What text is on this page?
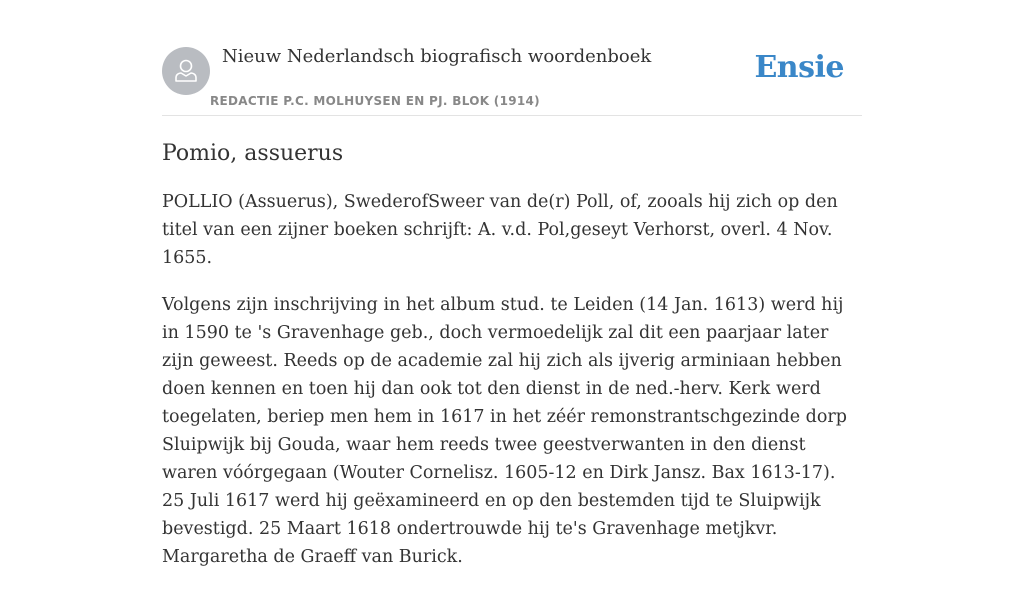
Nieuw Nederlandsch biografisch woordenboek
REDACTIE P.C. MOLHUYSEN EN PJ. BLOK (1914)
Ensie
Pomio, assuerus

POLLIO (Assuerus), SwederofSweer van de(r) Poll, of, zooals hij zich op den titel van een zijner boeken schrijft: A. v.d. Pol,geseyt Verhorst, overl. 4 Nov. 1655.

Volgens zijn inschrijving in het album stud. te Leiden (14 Jan. 1613) werd hij in 1590 te 's Gravenhage geb., doch vermoedelijk zal dit een paarjaar later zijn geweest. Reeds op de academie zal hij zich als ijverig arminiaan hebben doen kennen en toen hij dan ook tot den dienst in de ned.-herv. Kerk werd toegelaten, beriep men hem in 1617 in het zéér remonstrantschgezinde dorp Sluipwijk bij Gouda, waar hem reeds twee geestverwanten in den dienst waren vóórgegaan (Wouter Cornelisz. 1605-12 en Dirk Jansz. Bax 1613-17). 25 Juli 1617 werd hij geëxamineerd en op den bestemden tijd te Sluipwijk bevestigd. 25 Maart 1618 ondertrouwde hij te's Gravenhage metjkvr. Margaretha de Graeff van Burick.
